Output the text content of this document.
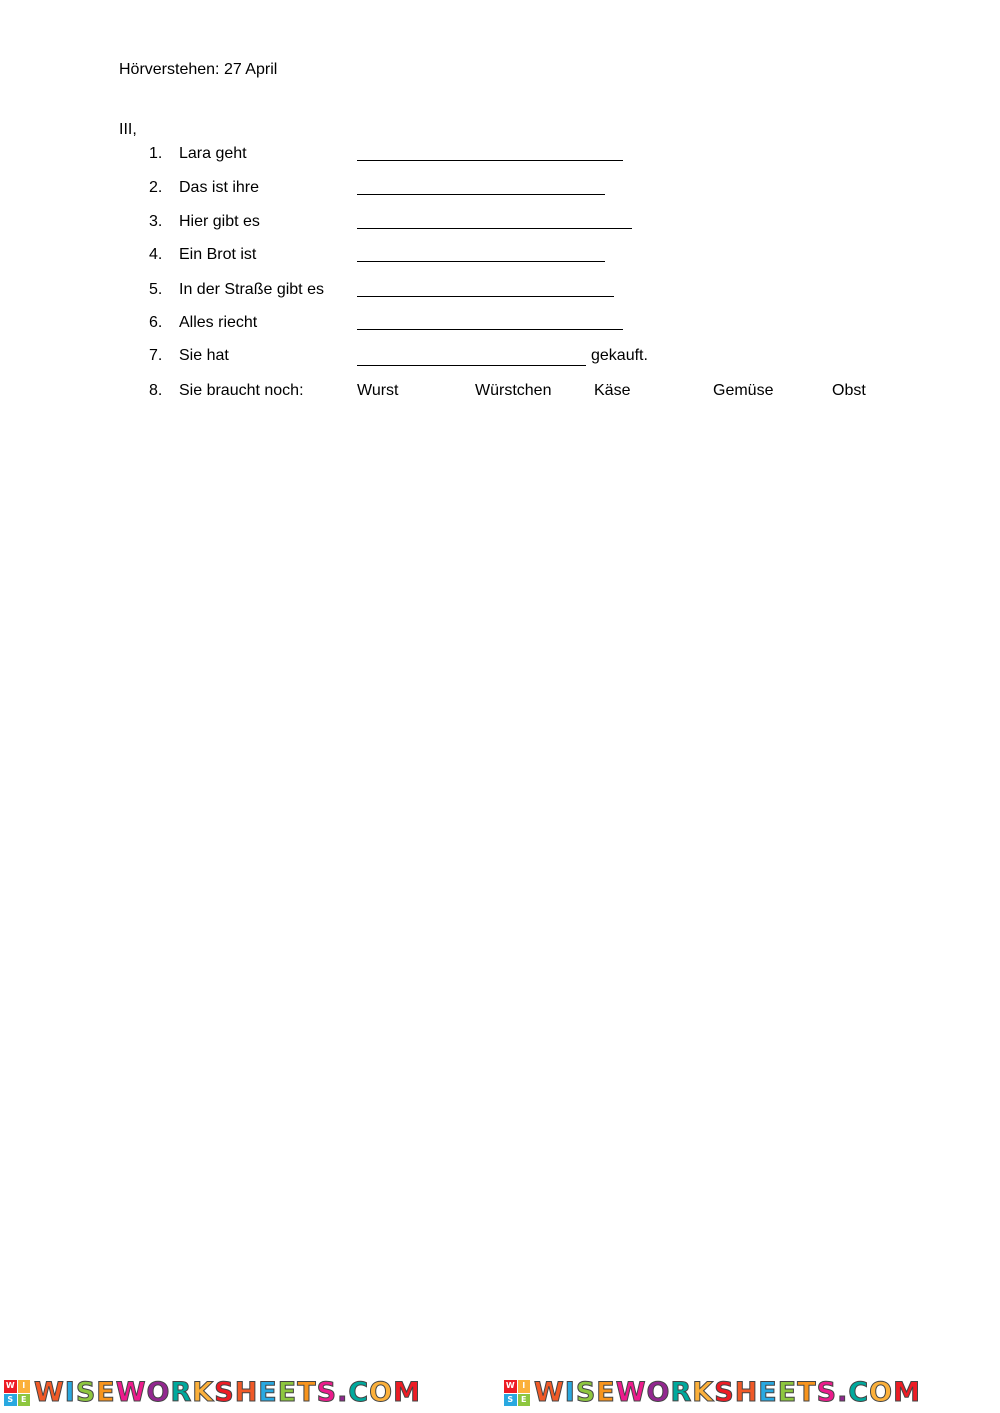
Hörverstehen: 27 April
III,
1. Lara geht
2. Das ist ihre
3. Hier gibt es
4. Ein Brot ist
5. In der Straße gibt es
6. Alles riecht
7. Sie hat	gekauft.
8. Sie braucht noch:	Wurst	Würstchen	Käse	Gemüse	Obst
W I
S E WISEWORKSHEETS.COM	W I
S E WISEWORKSHEETS.COM
